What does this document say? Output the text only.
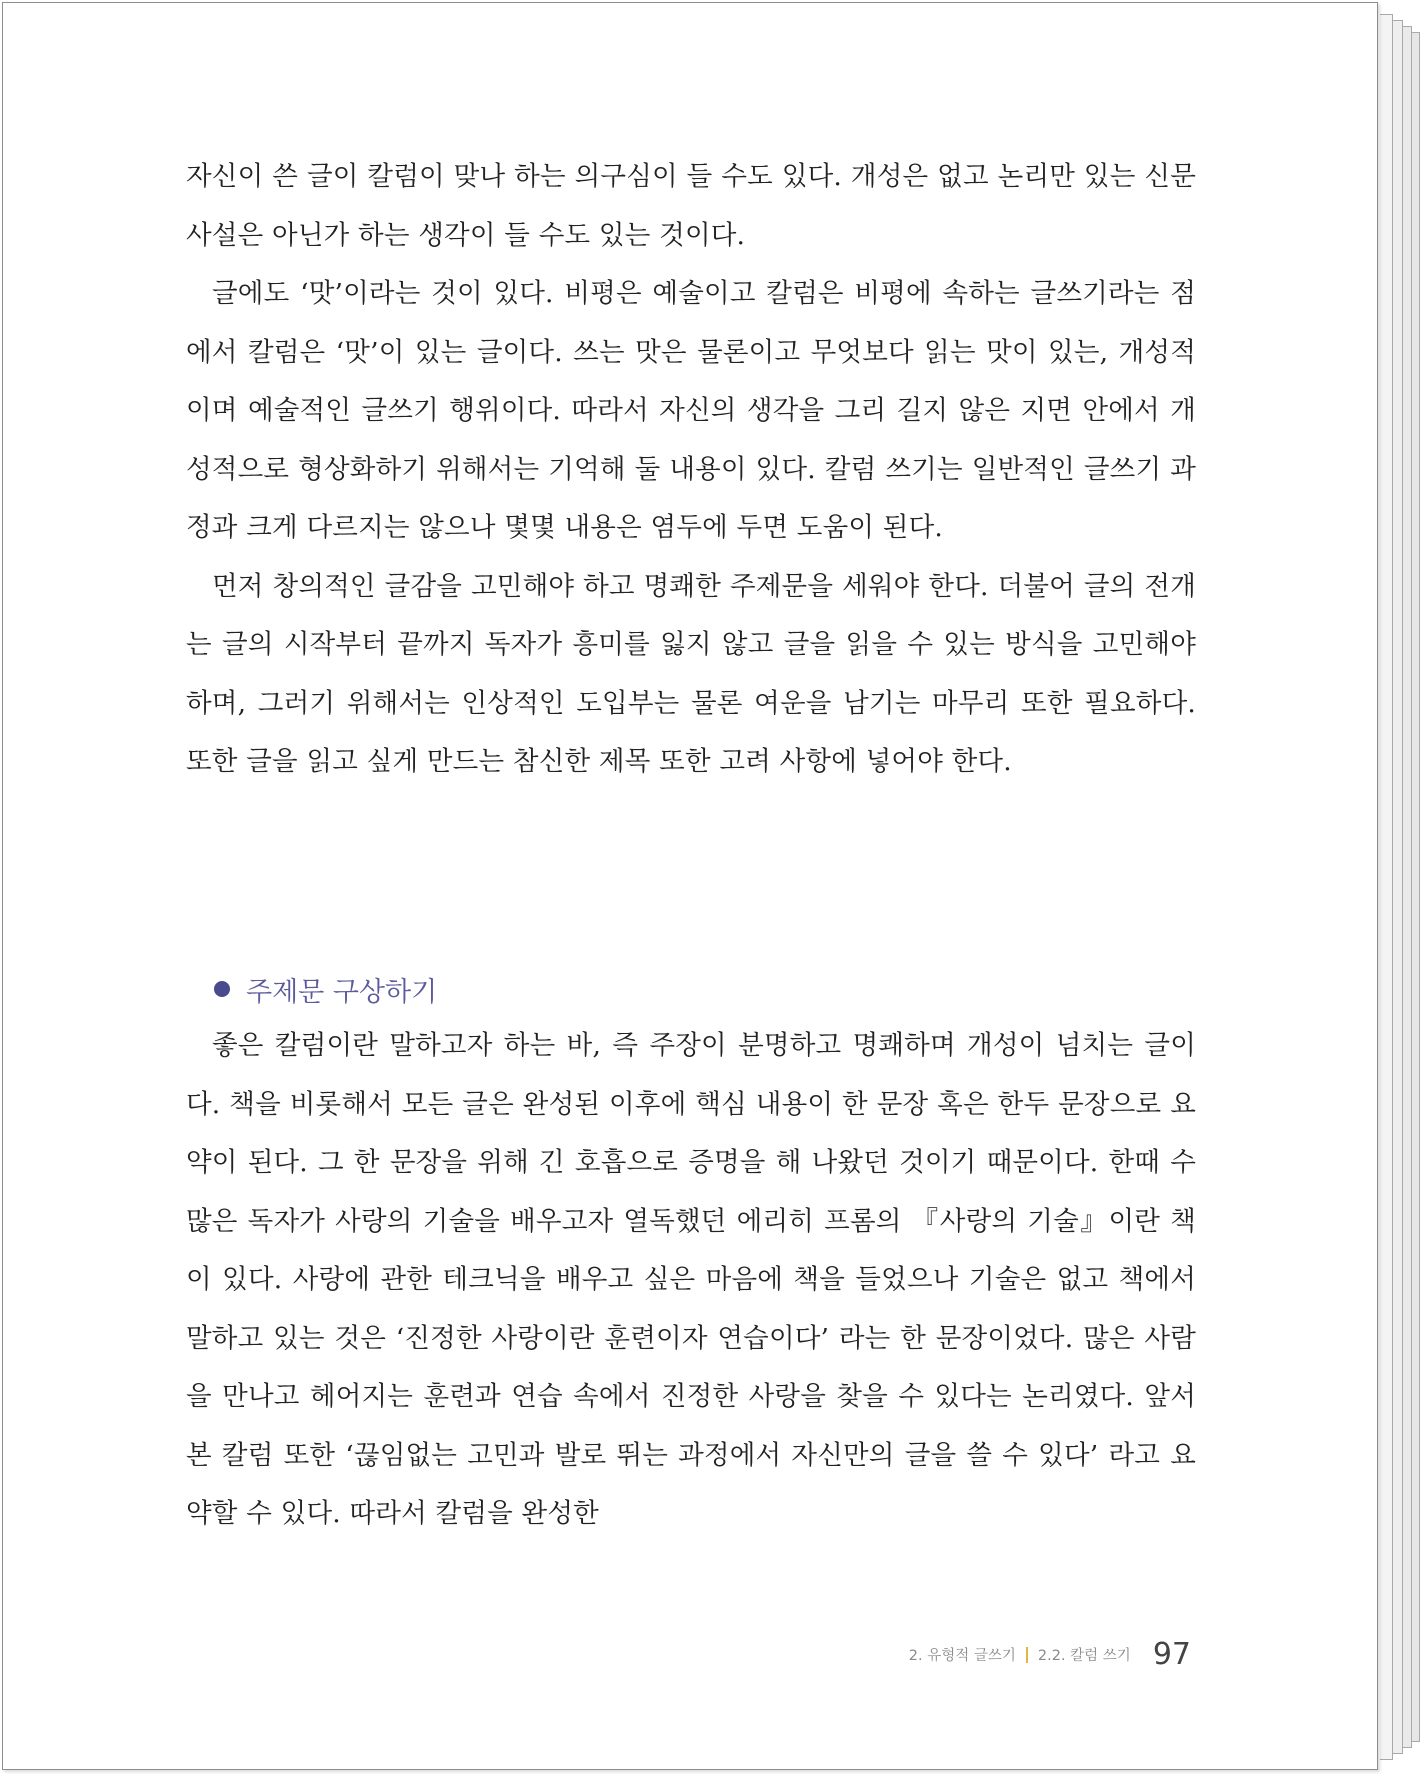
자신이 쓴 글이 칼럼이 맞나 하는 의구심이 들 수도 있다. 개성은 없고 논리만 있는 신문 사설은 아닌가 하는 생각이 들 수도 있는 것이다.

글에도 ‘맛’이라는 것이 있다. 비평은 예술이고 칼럼은 비평에 속하는 글쓰기라는 점에서 칼럼은 ‘맛’이 있는 글이다. 쓰는 맛은 물론이고 무엇보다 읽는 맛이 있는, 개성적이며 예술적인 글쓰기 행위이다. 따라서 자신의 생각을 그리 길지 않은 지면 안에서 개성적으로 형상화하기 위해서는 기억해 둘 내용이 있다. 칼럼 쓰기는 일반적인 글쓰기 과정과 크게 다르지는 않으나 몇몇 내용은 염두에 두면 도움이 된다.

먼저 창의적인 글감을 고민해야 하고 명쾌한 주제문을 세워야 한다. 더불어 글의 전개는 글의 시작부터 끝까지 독자가 흥미를 잃지 않고 글을 읽을 수 있는 방식을 고민해야 하며, 그러기 위해서는 인상적인 도입부는 물론 여운을 남기는 마무리 또한 필요하다. 또한 글을 읽고 싶게 만드는 참신한 제목 또한 고려 사항에 넣어야 한다.

주제문 구상하기

좋은 칼럼이란 말하고자 하는 바, 즉 주장이 분명하고 명쾌하며 개성이 넘치는 글이다. 책을 비롯해서 모든 글은 완성된 이후에 핵심 내용이 한 문장 혹은 한두 문장으로 요약이 된다. 그 한 문장을 위해 긴 호흡으로 증명을 해 나왔던 것이기 때문이다. 한때 수많은 독자가 사랑의 기술을 배우고자 열독했던 에리히 프롬의 『사랑의 기술』이란 책이 있다. 사랑에 관한 테크닉을 배우고 싶은 마음에 책을 들었으나 기술은 없고 책에서 말하고 있는 것은 ‘진정한 사랑이란 훈련이자 연습이다’ 라는 한 문장이었다. 많은 사람을 만나고 헤어지는 훈련과 연습 속에서 진정한 사랑을 찾을 수 있다는 논리였다. 앞서 본 칼럼 또한 ‘끊임없는 고민과 발로 뛰는 과정에서 자신만의 글을 쓸 수 있다’ 라고 요약할 수 있다. 따라서 칼럼을 완성한

2. 유형적 글쓰기 2.2. 칼럼 쓰기 97
